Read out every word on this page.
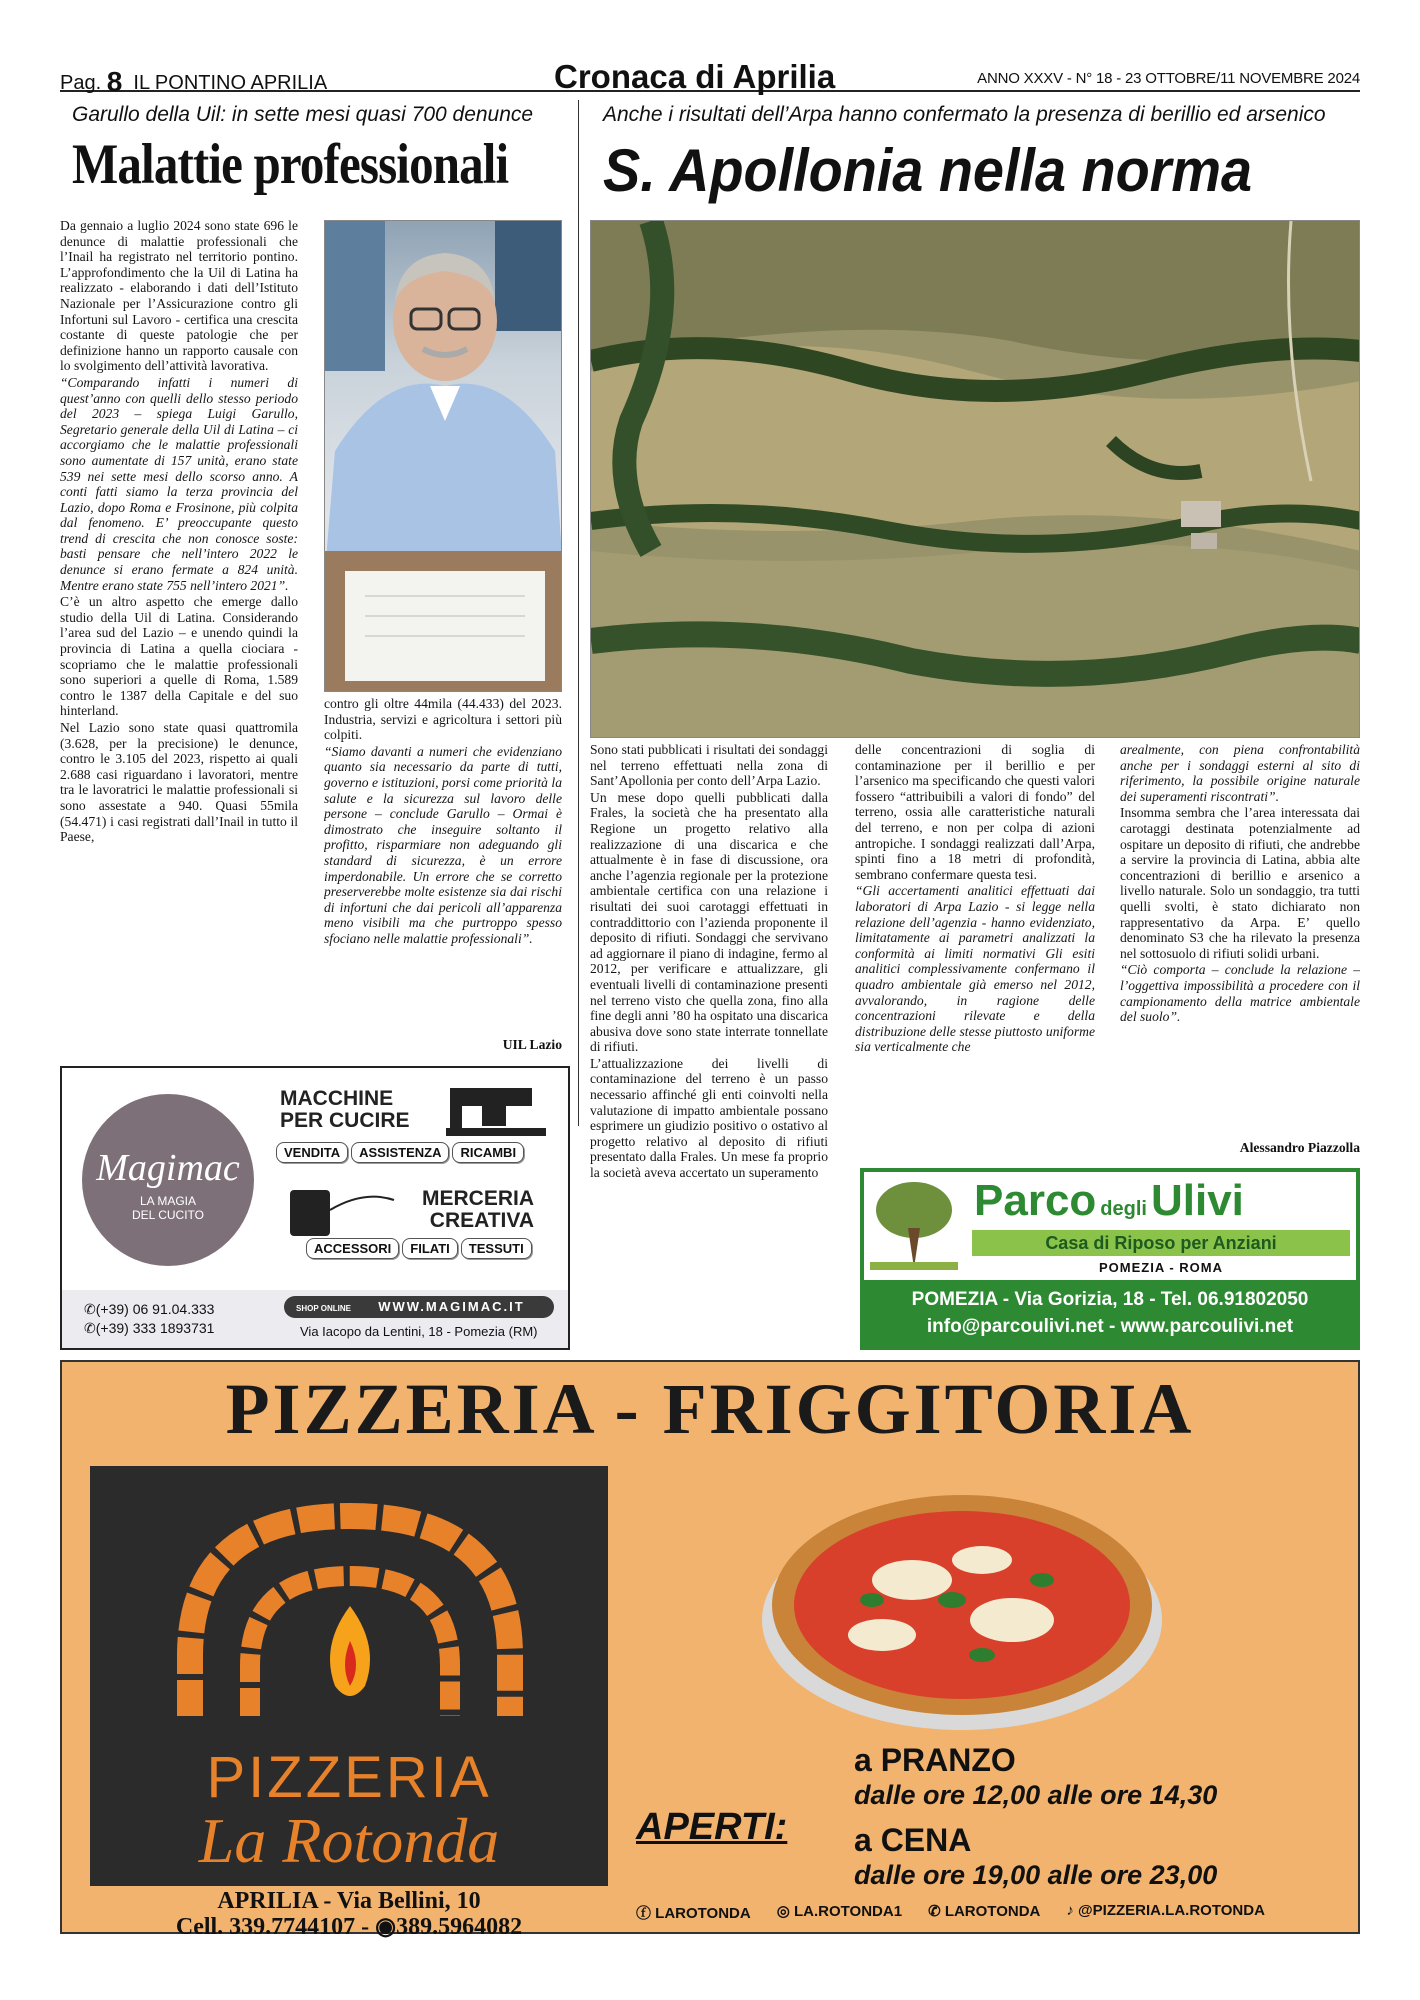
Pag. 8 IL PONTINO APRILIA	Cronaca di Aprilia	ANNO XXXV - N° 18 - 23 OTTOBRE/11 NOVEMBRE 2024
Garullo della Uil: in sette mesi quasi 700 denunce
Malattie professionali

Da gennaio a luglio 2024 sono state 696 le denunce di malattie professionali che l’Inail ha registrato nel territorio pontino. L’approfondimento che la Uil di Latina ha realizzato - elaborando i dati dell’Istituto Nazionale per l’Assicurazione contro gli Infortuni sul Lavoro - certifica una crescita costante di queste patologie che per definizione hanno un rapporto causale con lo svolgimento dell’attività lavorativa.

“Comparando infatti i numeri di quest’anno con quelli dello stesso periodo del 2023 – spiega Luigi Garullo, Segretario generale della Uil di Latina – ci accorgiamo che le malattie professionali sono aumentate di 157 unità, erano state 539 nei sette mesi dello scorso anno. A conti fatti siamo la terza provincia del Lazio, dopo Roma e Frosinone, più colpita dal fenomeno. E’ preoccupante questo trend di crescita che non conosce soste: basti pensare che nell’intero 2022 le denunce si erano fermate a 824 unità. Mentre erano state 755 nell’intero 2021”.

C’è un altro aspetto che emerge dallo studio della Uil di Latina. Considerando l’area sud del Lazio – e unendo quindi la provincia di Latina a quella ciociara - scopriamo che le malattie professionali sono superiori a quelle di Roma, 1.589 contro le 1387 della Capitale e del suo hinterland.

Nel Lazio sono state quasi quattromila (3.628, per la precisione) le denunce, contro le 3.105 del 2023, rispetto ai quali 2.688 casi riguardano i lavoratori, mentre tra le lavoratrici le malattie professionali si sono assestate a 940. Quasi 55mila (54.471) i casi registrati dall’Inail in tutto il Paese,

contro gli oltre 44mila (44.433) del 2023. Industria, servizi e agricoltura i settori più colpiti.

“Siamo davanti a numeri che evidenziano quanto sia necessario da parte di tutti, governo e istituzioni, porsi come priorità la salute e la sicurezza sul lavoro delle persone – conclude Garullo – Ormai è dimostrato che inseguire soltanto il profitto, risparmiare non adeguando gli standard di sicurezza, è un errore imperdonabile. Un errore che se corretto preserverebbe molte esistenze sia dai rischi di infortuni che dai pericoli all’apparenza meno visibili ma che purtroppo spesso sfociano nelle malattie professionali”.

UIL Lazio
Anche i risultati dell’Arpa hanno confermato la presenza di berillio ed arsenico
S. Apollonia nella norma

Sono stati pubblicati i risultati dei sondaggi nel terreno effettuati nella zona di Sant’Apollonia per conto dell’Arpa Lazio.

Un mese dopo quelli pubblicati dalla Frales, la società che ha presentato alla Regione un progetto relativo alla realizzazione di una discarica e che attualmente è in fase di discussione, ora anche l’agenzia regionale per la protezione ambientale certifica con una relazione i risultati dei suoi carotaggi effettuati in contraddittorio con l’azienda proponente il deposito di rifiuti. Sondaggi che servivano ad aggiornare il piano di indagine, fermo al 2012, per verificare e attualizzare, gli eventuali livelli di contaminazione presenti nel terreno visto che quella zona, fino alla fine degli anni ’80 ha ospitato una discarica abusiva dove sono state interrate tonnellate di rifiuti.

L’attualizzazione dei livelli di contaminazione del terreno è un passo necessario affinché gli enti coinvolti nella valutazione di impatto ambientale possano esprimere un giudizio positivo o ostativo al progetto relativo al deposito di rifiuti presentato dalla Frales. Un mese fa proprio la società aveva accertato un superamento

delle concentrazioni di soglia di contaminazione per il berillio e per l’arsenico ma specificando che questi valori fossero “attribuibili a valori di fondo” del terreno, ossia alle caratteristiche naturali del terreno, e non per colpa di azioni antropiche. I sondaggi realizzati dall’Arpa, spinti fino a 18 metri di profondità, sembrano confermare questa tesi.

“Gli accertamenti analitici effettuati dai laboratori di Arpa Lazio - si legge nella relazione dell’agenzia - hanno evidenziato, limitatamente ai parametri analizzati la conformità ai limiti normativi Gli esiti analitici complessivamente confermano il quadro ambientale già emerso nel 2012, avvalorando, in ragione delle concentrazioni rilevate e della distribuzione delle stesse piuttosto uniforme sia verticalmente che

arealmente, con piena confrontabilità anche per i sondaggi esterni al sito di riferimento, la possibile origine naturale dei superamenti riscontrati”.

Insomma sembra che l’area interessata dai carotaggi destinata potenzialmente ad ospitare un deposito di rifiuti, che andrebbe a servire la provincia di Latina, abbia alte concentrazioni di berillio e arsenico a livello naturale. Solo un sondaggio, tra tutti quelli svolti, è stato dichiarato non rappresentativo da Arpa. E’ quello denominato S3 che ha rilevato la presenza nel sottosuolo di rifiuti solidi urbani.

“Ciò comporta – conclude la relazione – l’oggettiva impossibilità a procedere con il campionamento della matrice ambientale del suolo”.

Alessandro Piazzolla
Magimac
LA MAGIA
DEL CUCITO
MACCHINE
PER CUCIRE
VENDITA ASSISTENZA RICAMBI
MERCERIA
CREATIVA
ACCESSORI FILATI TESSUTI
✆(+39) 06 91.04.333
✆(+39) 333 1893731
SHOP ONLINE WWW.MAGIMAC.IT
Via Iacopo da Lentini, 18 - Pomezia (RM)
Parco degli Ulivi
Casa di Riposo per Anziani
POMEZIA - ROMA
POMEZIA - Via Gorizia, 18 - Tel. 06.91802050
info@parcoulivi.net - www.parcoulivi.net
PIZZERIA - FRIGGITORIA
PIZZERIA
La Rotonda
APRILIA - Via Bellini, 10
Cell. 339.7744107 - ◉389.5964082
APERTI:
a PRANZO
dalle ore 12,00 alle ore 14,30
a CENA
dalle ore 19,00 alle ore 23,00
ⓕ LAROTONDA ◎ LA.ROTONDA1 ✆ LAROTONDA ♪ @PIZZERIA.LA.ROTONDA
